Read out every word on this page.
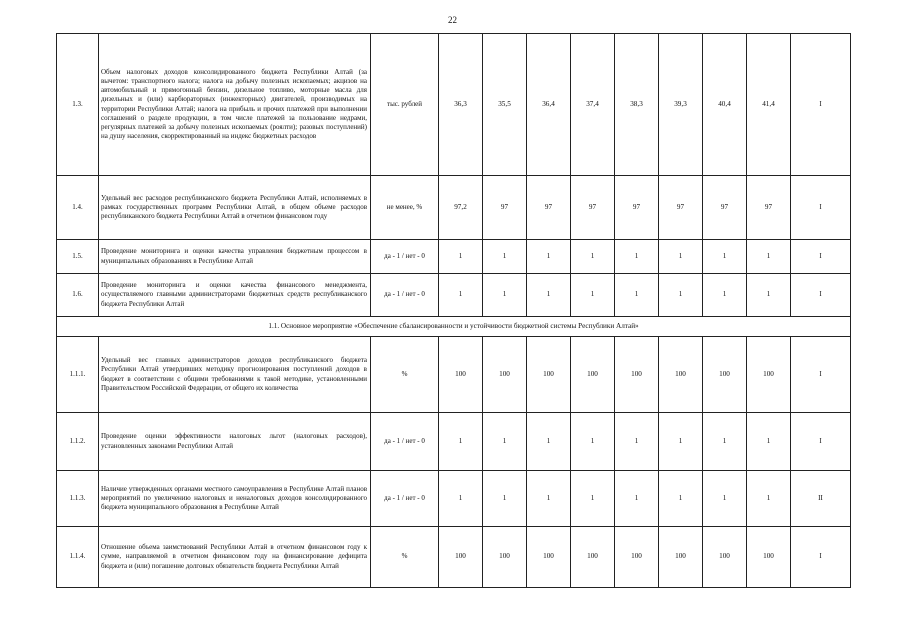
22
1.3.	Объем налоговых доходов консолидированного бюджета Республики Алтай (за вычетом: транспортного налога; налога на добычу полезных ископаемых; акцизов на автомобильный и прямогонный бензин, дизельное топливо, моторные масла для дизельных и (или) карбюраторных (инжекторных) двигателей, производимых на территории Республики Алтай; налога на прибыль и прочих платежей при выполнении соглашений о разделе продукции, в том числе платежей за пользование недрами, регулярных платежей за добычу полезных ископаемых (роялти); разовых поступлений) на душу населения, скорректированный на индекс бюджетных расходов	тыс. рублей	36,3	35,5	36,4	37,4	38,3	39,3	40,4	41,4	I
1.4.	Удельный вес расходов республиканского бюджета Республики Алтай, исполняемых в рамках государственных программ Республики Алтай, в общем объеме расходов республиканского бюджета Республики Алтай в отчетном финансовом году	не менее, %	97,2	97	97	97	97	97	97	97	I
1.5.	Проведение мониторинга и оценки качества управления бюджетным процессом в муниципальных образованиях в Республике Алтай	да - 1 / нет - 0	1	1	1	1	1	1	1	1	I
1.6.	Проведение мониторинга и оценки качества финансового менеджмента, осуществляемого главными администраторами бюджетных средств республиканского бюджета Республики Алтай	да - 1 / нет - 0	1	1	1	1	1	1	1	1	I
1.1. Основное мероприятие «Обеспечение сбалансированности и устойчивости бюджетной системы Республики Алтай»											
1.1.1.	Удельный вес главных администраторов доходов республиканского бюджета Республики Алтай утвердивших методику прогнозирования поступлений доходов в бюджет в соответствии с общими требованиями к такой методике, установленными Правительством Российской Федерации, от общего их количества	%	100	100	100	100	100	100	100	100	I
1.1.2.	Проведение оценки эффективности налоговых льгот (налоговых расходов), установленных законами Республики Алтай	да - 1 / нет - 0	1	1	1	1	1	1	1	1	I
1.1.3.	Наличие утвержденных органами местного самоуправления в Республике Алтай планов мероприятий по увеличению налоговых и неналоговых доходов консолидированного бюджета муниципального образования в Республике Алтай	да - 1 / нет - 0	1	1	1	1	1	1	1	1	II
1.1.4.	Отношение объема заимствований Республики Алтай в отчетном финансовом году к сумме, направляемой в отчетном финансовом году на финансирование дефицита бюджета и (или) погашение долговых обязательств бюджета Республики Алтай	%	100	100	100	100	100	100	100	100	I
